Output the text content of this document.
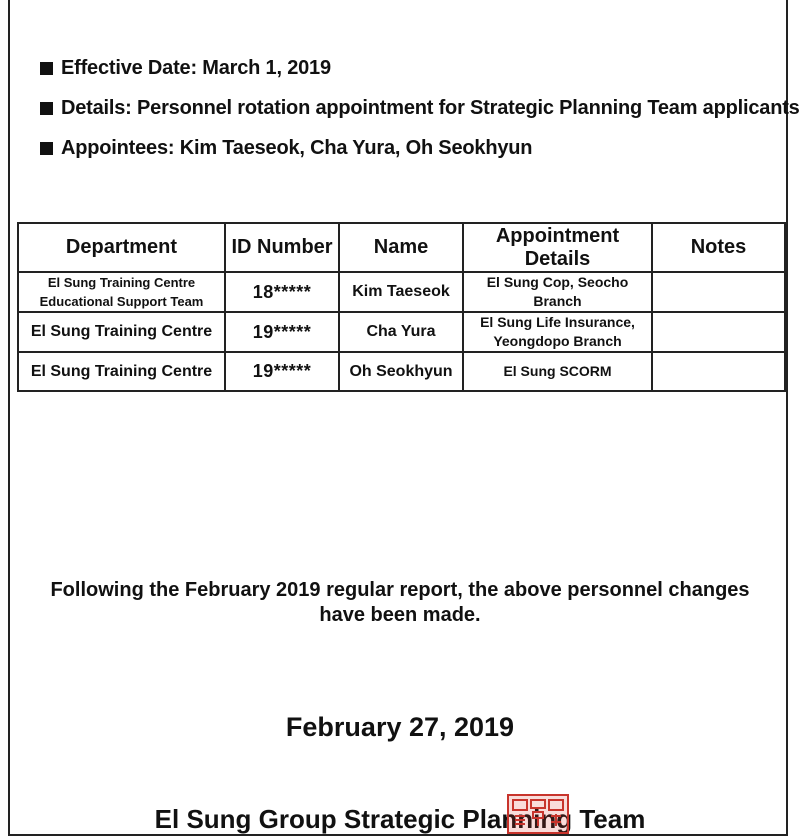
Effective Date: March 1, 2019
Details: Personnel rotation appointment for Strategic Planning Team applicants
Appointees: Kim Taeseok, Cha Yura, Oh Seokhyun
Department	ID Number	Name	Appointment Details	Notes

El Sung Training Centre
Educational Support Team	18*****	Kim Taeseok	El Sung Cop, Seocho Branch	
El Sung Training Centre	19*****	Cha Yura	El Sung Life Insurance,
Yeongdopo Branch	

El Sung Training Centre	19*****	Oh Seokhyun	El Sung SCORM	
Following the February 2019 regular report, the above personnel changes
have been made.
February 27, 2019
El Sung Group Strategic Planning Team
